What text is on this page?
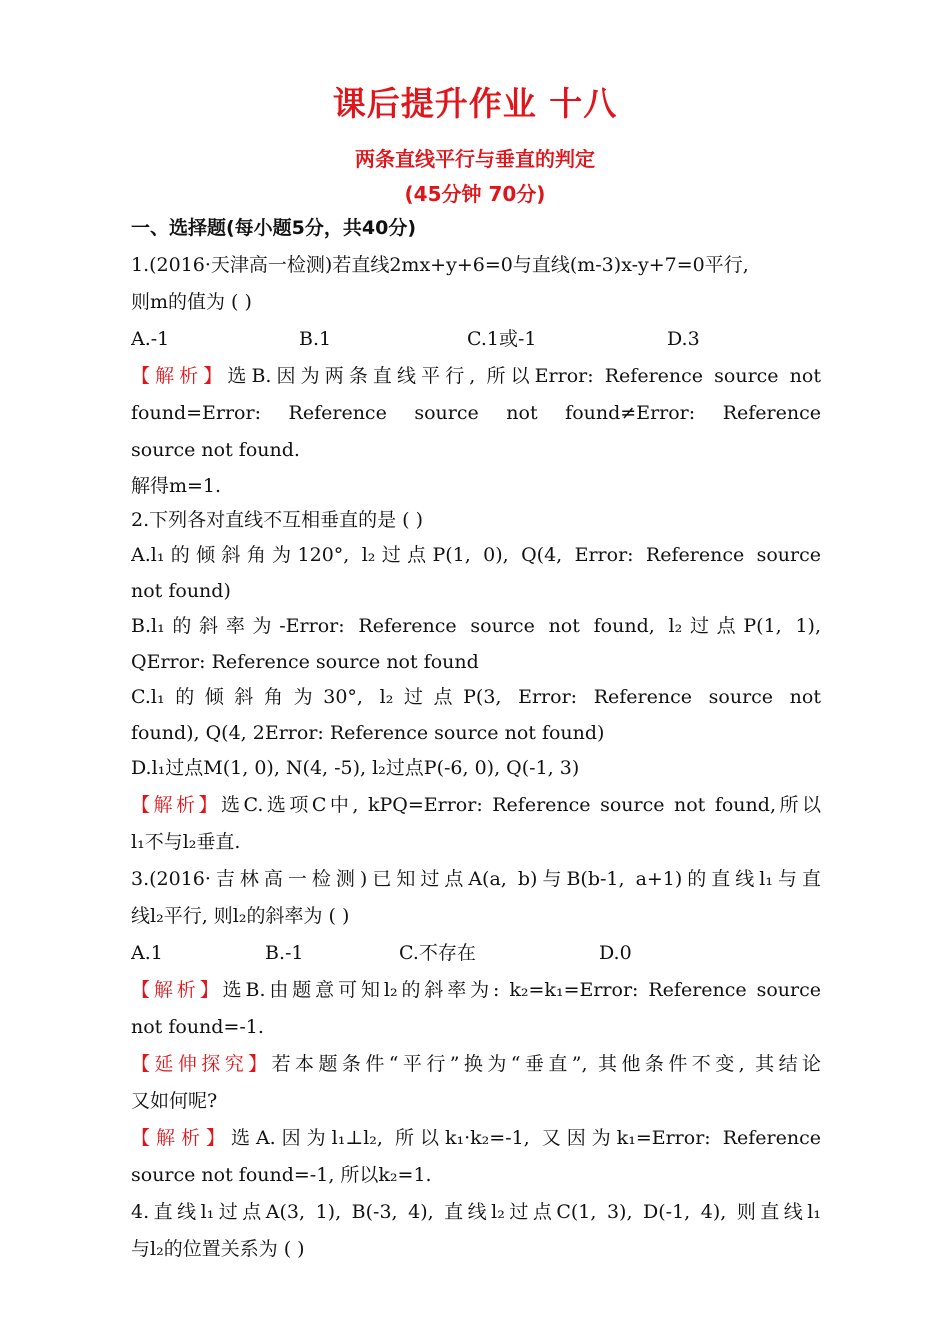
课后提升作业 十八
两条直线平行与垂直的判定
(45分钟 70分)
一、选择题(每小题5分，共40分)
1.(2016·天津高一检测)若直线2mx+y+6=0与直线(m-3)x-y+7=0平行,
则m的值为 ( )
A.-1	B.1	C.1或-1	D.3
【解析】选B.因为两条直线平行, 所以Error: Reference source not
found=Error: Reference source not found≠Error: Reference
source not found.
解得m=1.
2.下列各对直线不互相垂直的是 ( )
A.l₁的倾斜角为120°, l₂过点P(1, 0), Q(4, Error: Reference source
not found)
B.l₁的斜率为-Error: Reference source not found, l₂过点P(1, 1),
QError: Reference source not found
C.l₁的倾斜角为30°, l₂过点P(3, Error: Reference source not
found), Q(4, 2Error: Reference source not found)
D.l₁过点M(1, 0), N(4, -5), l₂过点P(-6, 0), Q(-1, 3)
【解析】选C.选项C中, kPQ=Error: Reference source not found,所以
l₁不与l₂垂直.
3.(2016·吉林高一检测)已知过点A(a, b)与B(b-1, a+1)的直线l₁与直
线l₂平行, 则l₂的斜率为 ( )
A.1	B.-1	C.不存在	D.0
【解析】选B.由题意可知l₂的斜率为: k₂=k₁=Error: Reference source
not found=-1.
【延伸探究】若本题条件“平行”换为“垂直”, 其他条件不变, 其结论
又如何呢?
【解析】选A.因为l₁⊥l₂, 所以k₁·k₂=-1, 又因为k₁=Error: Reference
source not found=-1, 所以k₂=1.
4.直线l₁过点A(3, 1), B(-3, 4), 直线l₂过点C(1, 3), D(-1, 4), 则直线l₁
与l₂的位置关系为 ( )
